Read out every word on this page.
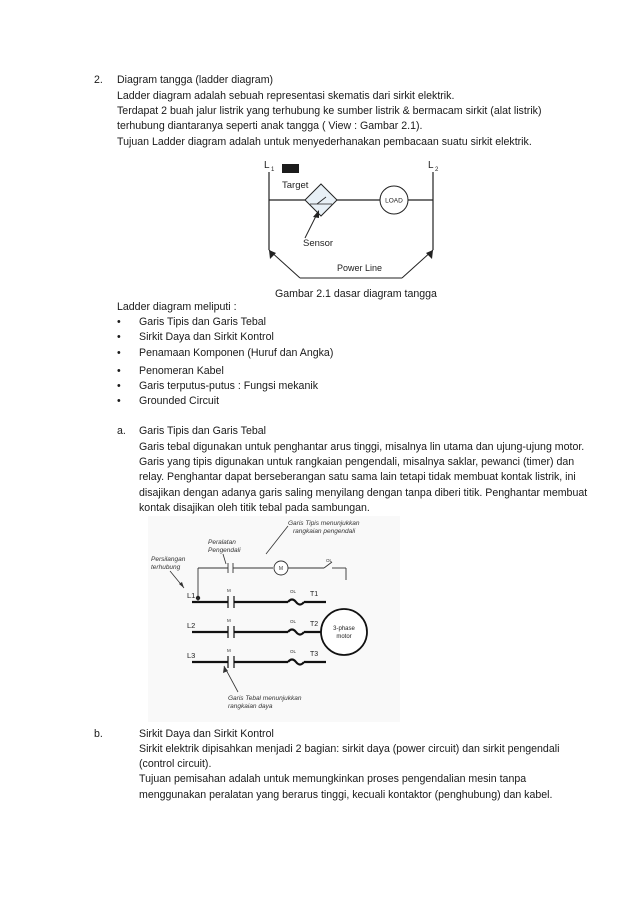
2. Diagram tangga (ladder diagram)
Ladder diagram adalah sebuah representasi skematis dari sirkit elektrik.
Terdapat 2 buah jalur listrik yang terhubung ke sumber listrik & bermacam sirkit (alat listrik)
terhubung diantaranya seperti anak tangga ( View : Gambar 2.1).
Tujuan Ladder diagram adalah untuk menyederhanakan pembacaan suatu sirkit elektrik.
L 1	L 2
Target
LOAD
Sensor
Power Line
Gambar 2.1 dasar diagram tangga
Ladder diagram meliputi :
• Garis Tipis dan Garis Tebal
• Sirkit Daya dan Sirkit Kontrol
• Penamaan Komponen (Huruf dan Angka)
• Penomeran Kabel
• Garis terputus-putus : Fungsi mekanik
• Grounded Circuit
a. Garis Tipis dan Garis Tebal
Garis tebal digunakan untuk penghantar arus tinggi, misalnya lin utama dan ujung-ujung motor.
Garis yang tipis digunakan untuk rangkaian pengendali, misalnya saklar, pewanci (timer) dan
relay. Penghantar dapat berseberangan satu sama lain tetapi tidak membuat kontak listrik, ini
disajikan dengan adanya garis saling menyilang dengan tanpa diberi titik. Penghantar membuat
kontak disajikan oleh titik tebal pada sambungan.
Garis Tipis menunjukkan
rangkaian pengendali
Peralatan
Pengendali
Persilangan
terhubung	M
OL
L1
L2
L3
M
M
M
OL
OL
OL
T1
T2
T3
3-phase
motor
Garis Tebal menunjukkan
rangkaian daya
b.	Sirkit Daya dan Sirkit Kontrol
Sirkit elektrik dipisahkan menjadi 2 bagian: sirkit daya (power circuit) dan sirkit pengendali
(control circuit).
Tujuan pemisahan adalah untuk memungkinkan proses pengendalian mesin tanpa
menggunakan peralatan yang berarus tinggi, kecuali kontaktor (penghubung) dan kabel.
